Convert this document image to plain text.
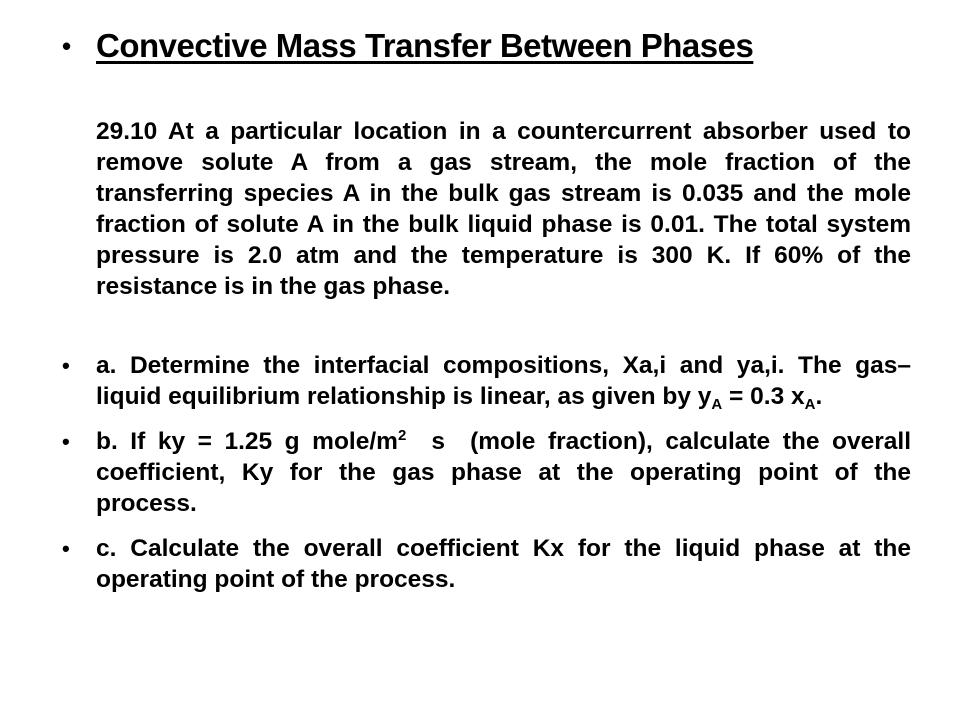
• Convective Mass Transfer Between Phases
29.10 At a particular location in a countercurrent absorber used to remove solute A from a gas stream, the mole fraction of the transferring species A in the bulk gas stream is 0.035 and the mole fraction of solute A in the bulk liquid phase is 0.01. The total system pressure is 2.0 atm and the temperature is 300 K. If 60% of the resistance is in the gas phase.
•	a. Determine the interfacial compositions, Xa,i and ya,i. The gas–liquid equilibrium relationship is linear, as given by $y_A = 0.3$ $x_A$.
•	b. If ky = 1.25 g mole/$m^2$  s  (mole fraction), calculate the overall coefficient, Ky for the gas phase at the operating point of the process.
•	c. Calculate the overall coefficient Kx for the liquid phase at the operating point of the process.
